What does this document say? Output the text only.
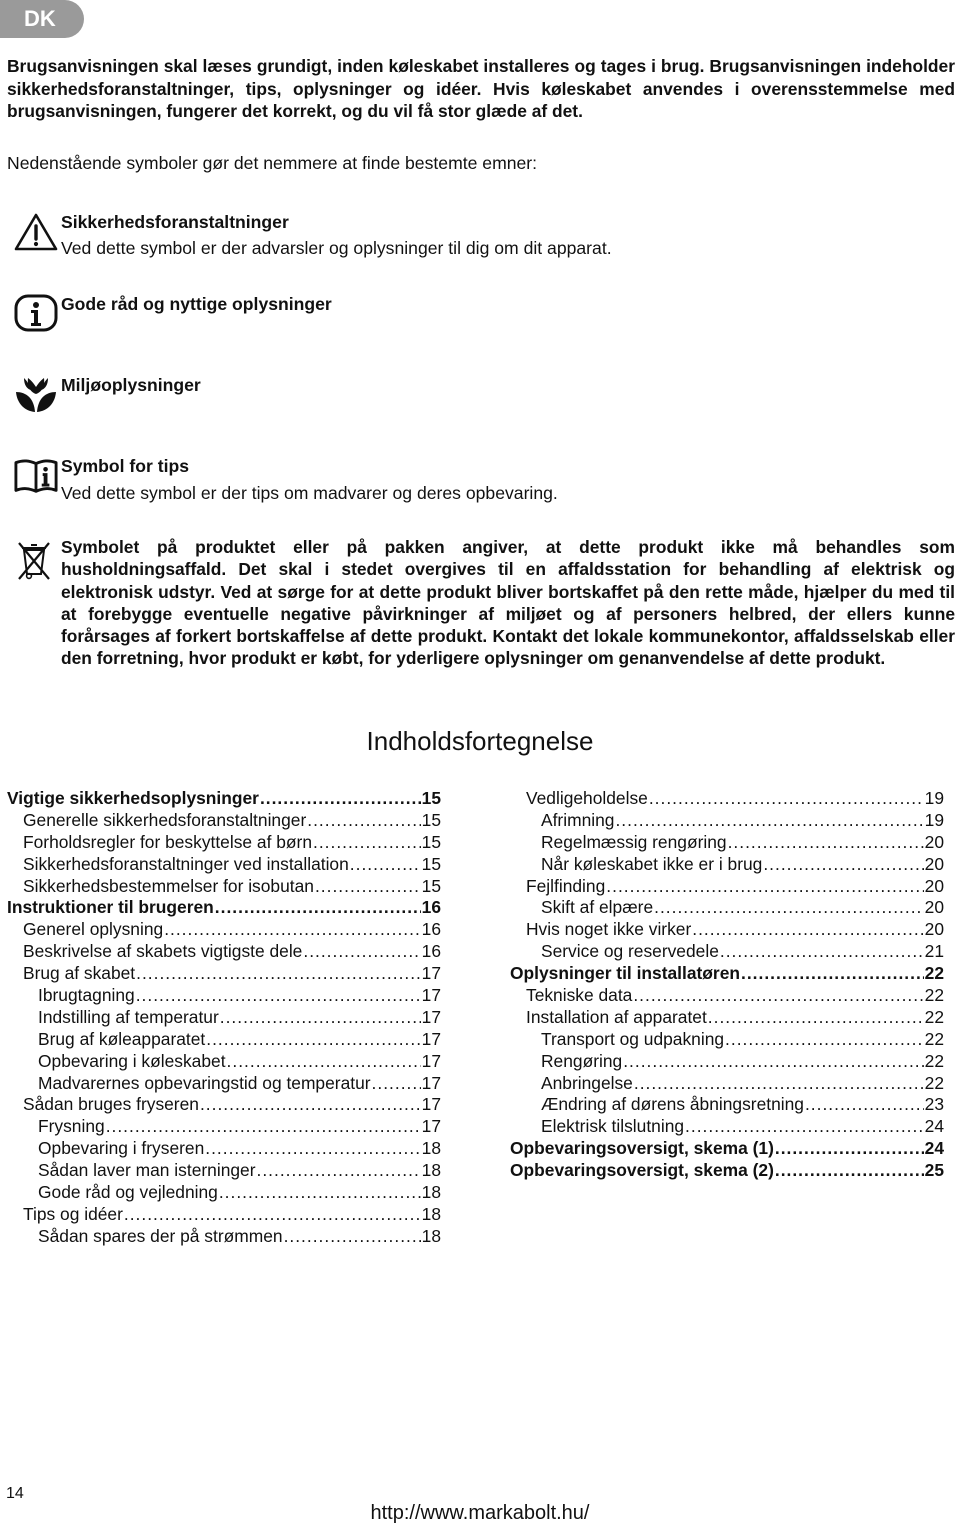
DK

Brugsanvisningen skal læses grundigt, inden køleskabet installeres og tages i brug. Brugsanvisningen indeholder sikkerhedsforanstaltninger, tips, oplysninger og idéer. Hvis køleskabet anvendes i overensstemmelse med brugsanvisningen, fungerer det korrekt, og du vil få stor glæde af det.

Nedenstående symboler gør det nemmere at finde bestemte emner:

Sikkerhedsforanstaltninger

Ved dette symbol er der advarsler og oplysninger til dig om dit apparat.

Gode råd og nyttige oplysninger

Miljøoplysninger

Symbol for tips

Ved dette symbol er der tips om madvarer og deres opbevaring.

Symbolet på produktet eller på pakken angiver, at dette produkt ikke må behandles som husholdningsaffald. Det skal i stedet overgives til en affaldsstation for behandling af elektrisk og elektronisk udstyr. Ved at sørge for at dette produkt bliver bortskaffet på den rette måde, hjælper du med til at forebygge eventuelle negative påvirkninger af miljøet og af personers helbred, der ellers kunne forårsages af forkert bortskaffelse af dette produkt. Kontakt det lokale kommunekontor, affaldsselskab eller den forretning, hvor produkt er købt, for yderligere oplysninger om genanvendelse af dette produkt.

Indholdsfortegnelse
Vigtige sikkerhedsoplysninger .....	15
Generelle sikkerhedsforanstaltninger .....	15
Forholdsregler for beskyttelse af børn .....	15
Sikkerhedsforanstaltninger ved installation .....	15
Sikkerhedsbestemmelser for isobutan .....	15
Instruktioner til brugeren .....	16
Generel oplysning .....	16
Beskrivelse af skabets vigtigste dele .....	16
Brug af skabet .....	17
Ibrugtagning .....	17
Indstilling af temperatur .....	17
Brug af køleapparatet .....	17
Opbevaring i køleskabet .....	17
Madvarernes opbevaringstid og temperatur .....	17
Sådan bruges fryseren .....	17
Frysning .....	17
Opbevaring i fryseren .....	18
Sådan laver man isterninger .....	18
Gode råd og vejledning .....	18
Tips og idéer .....	18
Sådan spares der på strømmen .....	18
Vedligeholdelse .....	19
Afrimning .....	19
Regelmæssig rengøring .....	20
Når køleskabet ikke er i brug .....	20
Fejlfinding .....	20
Skift af elpære .....	20
Hvis noget ikke virker .....	20
Service og reservedele .....	21
Oplysninger til installatøren .....	22
Tekniske data .....	22
Installation af apparatet .....	22
Transport og udpakning .....	22
Rengøring .....	22
Anbringelse .....	22
Ændring af dørens åbningsretning .....	23
Elektrisk tilslutning .....	24
Opbevaringsoversigt, skema (1) .....	24
Opbevaringsoversigt, skema (2) .....	25

14

http://www.markabolt.hu/
